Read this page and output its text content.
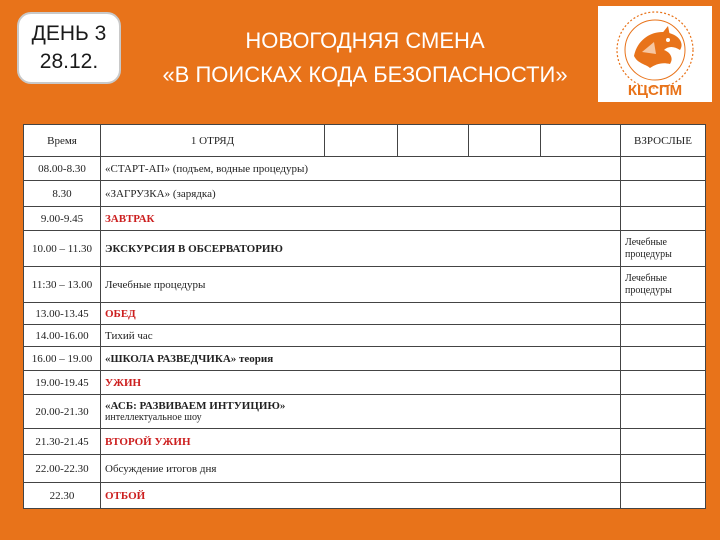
ДЕНЬ 3
28.12.
НОВОГОДНЯЯ СМЕНА
«В ПОИСКАХ КОДА БЕЗОПАСНОСТИ»
КЦСПМ
Время	1 ОТРЯД					ВЗРОСЛЫЕ
08.00-8.30	«СТАРТ-АП» (подъем, водные процедуры)					
8.30	«ЗАГРУЗКА» (зарядка)					
9.00-9.45	ЗАВТРАК					
10.00 – 11.30	ЭКСКУРСИЯ В ОБСЕРВАТОРИЮ					Лечебные процедуры
11:30 – 13.00	Лечебные процедуры					Лечебные процедуры
13.00-13.45	ОБЕД					
14.00-16.00	Тихий час					
16.00 – 19.00	«ШКОЛА РАЗВЕДЧИКА» теория					
19.00-19.45	УЖИН					
20.00-21.30	«АСБ: РАЗВИВАЕМ ИНТУИЦИЮ»
интеллектуальное шоу					

21.30-21.45	ВТОРОЙ УЖИН					
22.00-22.30	Обсуждение итогов дня					
22.30	ОТБОЙ					
